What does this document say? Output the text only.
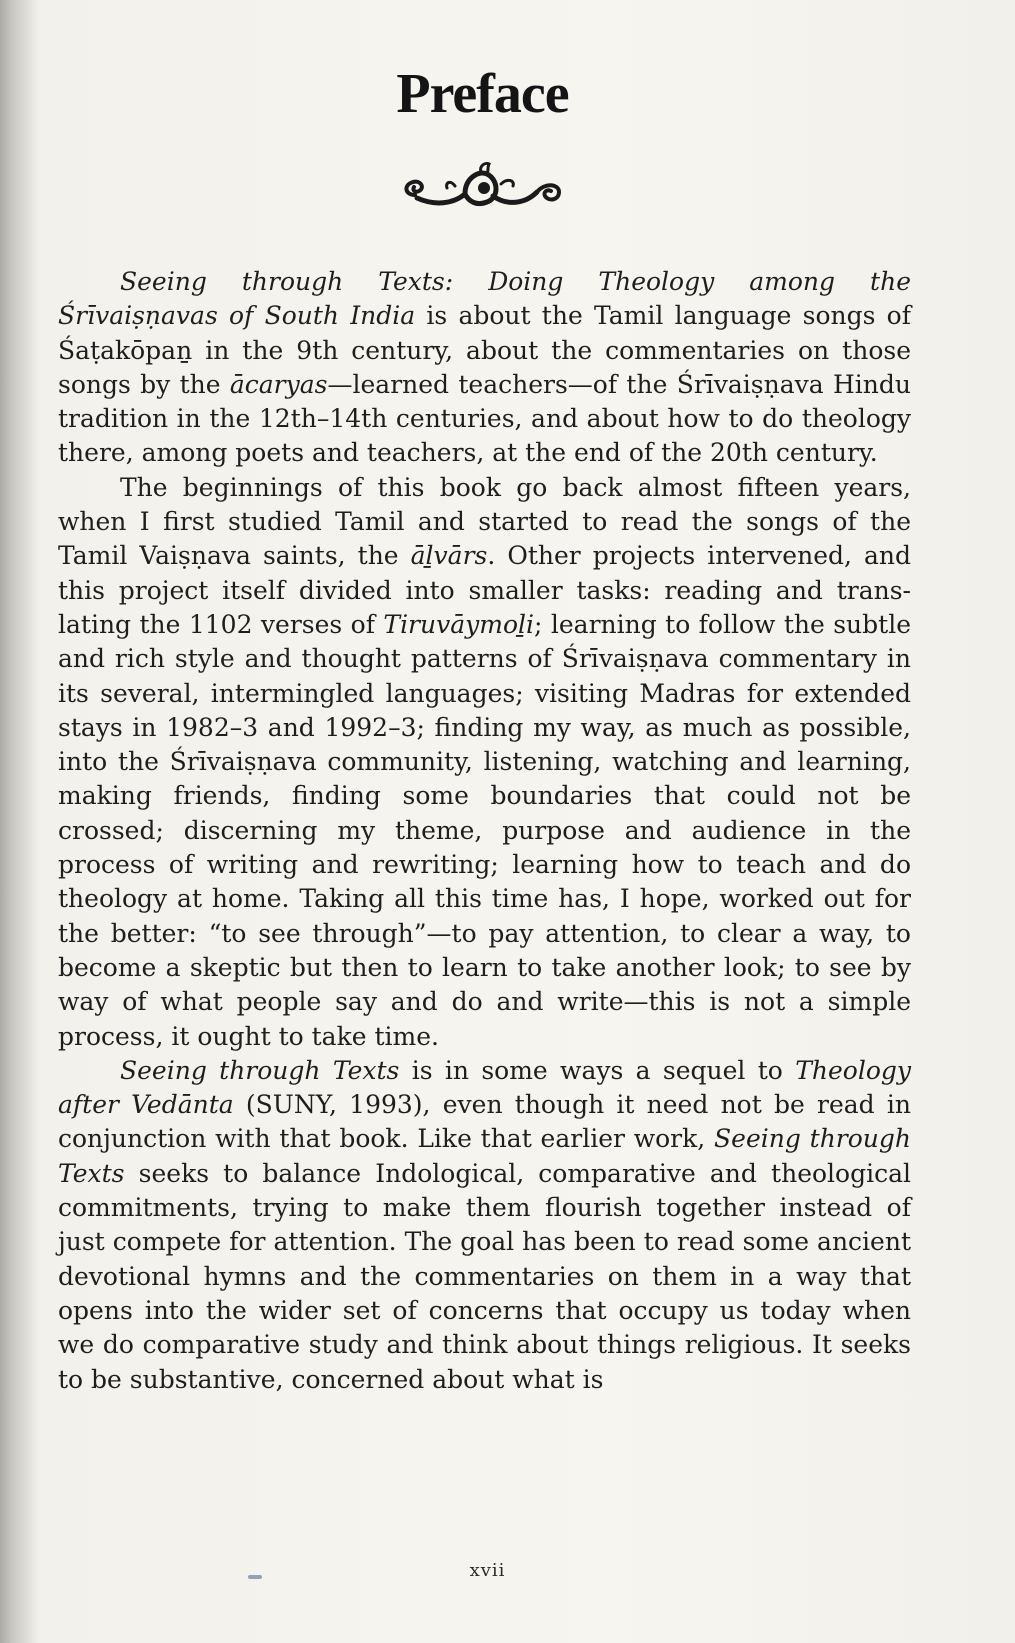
Preface

Seeing through Texts: Doing Theology among the Śrīvaiṣṇavas of South India is about the Tamil language songs of Śaṭakōpaṉ in the 9th century, about the commentaries on those songs by the ācaryas—learned teachers—of the Śrīvaiṣṇava Hindu tradition in the 12th–14th centuries, and about how to do theology there, among poets and teachers, at the end of the 20th century.

The beginnings of this book go back almost fifteen years, when I first studied Tamil and started to read the songs of the Tamil Vaiṣṇava saints, the āḻvārs. Other projects intervened, and this project itself divided into smaller tasks: reading and translating the 1102 verses of Tiruvāymoḻi; learning to follow the subtle and rich style and thought patterns of Śrīvaiṣṇava commentary in its several, intermingled languages; visiting Madras for extended stays in 1982–3 and 1992–3; finding my way, as much as possible, into the Śrīvaiṣṇava community, listening, watching and learning, making friends, finding some boundaries that could not be crossed; discerning my theme, purpose and audience in the process of writing and rewriting; learning how to teach and do theology at home. Taking all this time has, I hope, worked out for the better: “to see through”—to pay attention, to clear a way, to become a skeptic but then to learn to take another look; to see by way of what people say and do and write—this is not a simple process, it ought to take time.

Seeing through Texts is in some ways a sequel to Theology after Vedānta (SUNY, 1993), even though it need not be read in conjunction with that book. Like that earlier work, Seeing through Texts seeks to balance Indological, comparative and theological commitments, trying to make them flourish together instead of just compete for attention. The goal has been to read some ancient devotional hymns and the commentaries on them in a way that opens into the wider set of concerns that occupy us today when we do comparative study and think about things religious. It seeks to be substantive, concerned about what is

xvii
